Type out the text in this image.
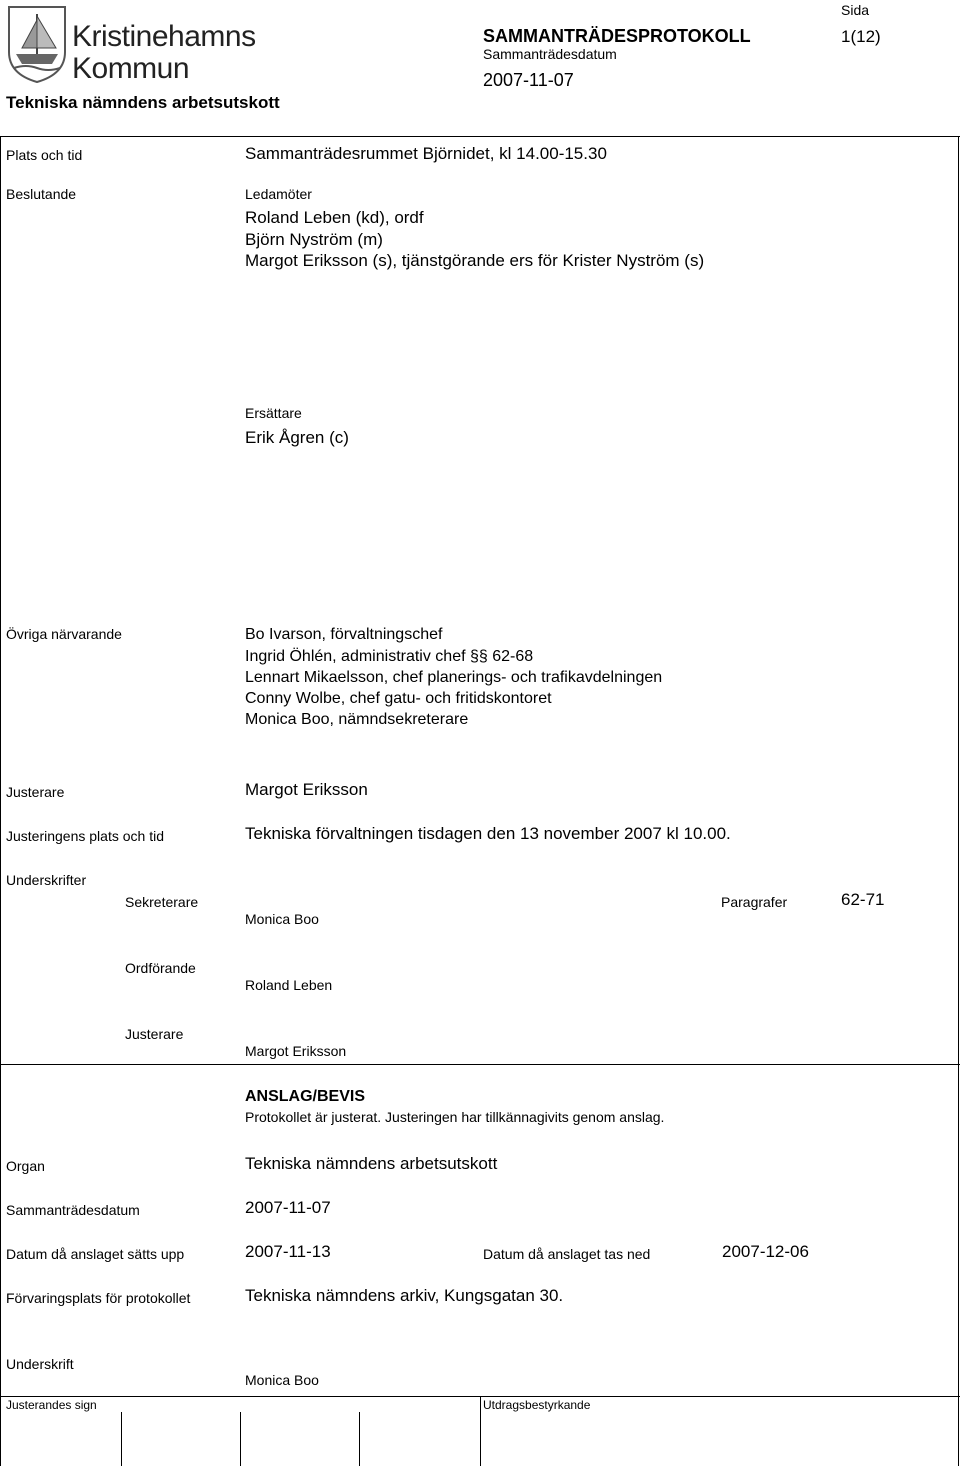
Kristinehamns
Kommun
SAMMANTRÄDESPROTOKOLL
Sammanträdesdatum
2007-11-07
Sida
1(12)
Tekniska nämndens arbetsutskott
Plats och tid	Sammanträdesrummet Björnidet, kl 14.00-15.30
Beslutande	Ledamöter
Roland Leben (kd), ordf
Björn Nyström (m)
Margot Eriksson (s), tjänstgörande ers för Krister Nyström (s)
Ersättare
Erik Ågren (c)
Övriga närvarande	Bo Ivarson, förvaltningschef
Ingrid Öhlén, administrativ chef §§ 62-68
Lennart Mikaelsson, chef planerings- och trafikavdelningen
Conny Wolbe, chef gatu- och fritidskontoret
Monica Boo, nämndsekreterare
Justerare	Margot Eriksson
Justeringens plats och tid	Tekniska förvaltningen tisdagen den 13 november 2007 kl 10.00.
Underskrifter
Sekreterare
Monica Boo
Paragrafer	62-71
Ordförande
Roland Leben
Justerare
Margot Eriksson
ANSLAG/BEVIS
Protokollet är justerat. Justeringen har tillkännagivits genom anslag.
Organ	Tekniska nämndens arbetsutskott
Sammanträdesdatum	2007-11-07
Datum då anslaget sätts upp	2007-11-13	Datum då anslaget tas ned	2007-12-06
Förvaringsplats för protokollet	Tekniska nämndens arkiv, Kungsgatan 30.
Underskrift
Monica Boo
Justerandes sign	Utdragsbestyrkande
